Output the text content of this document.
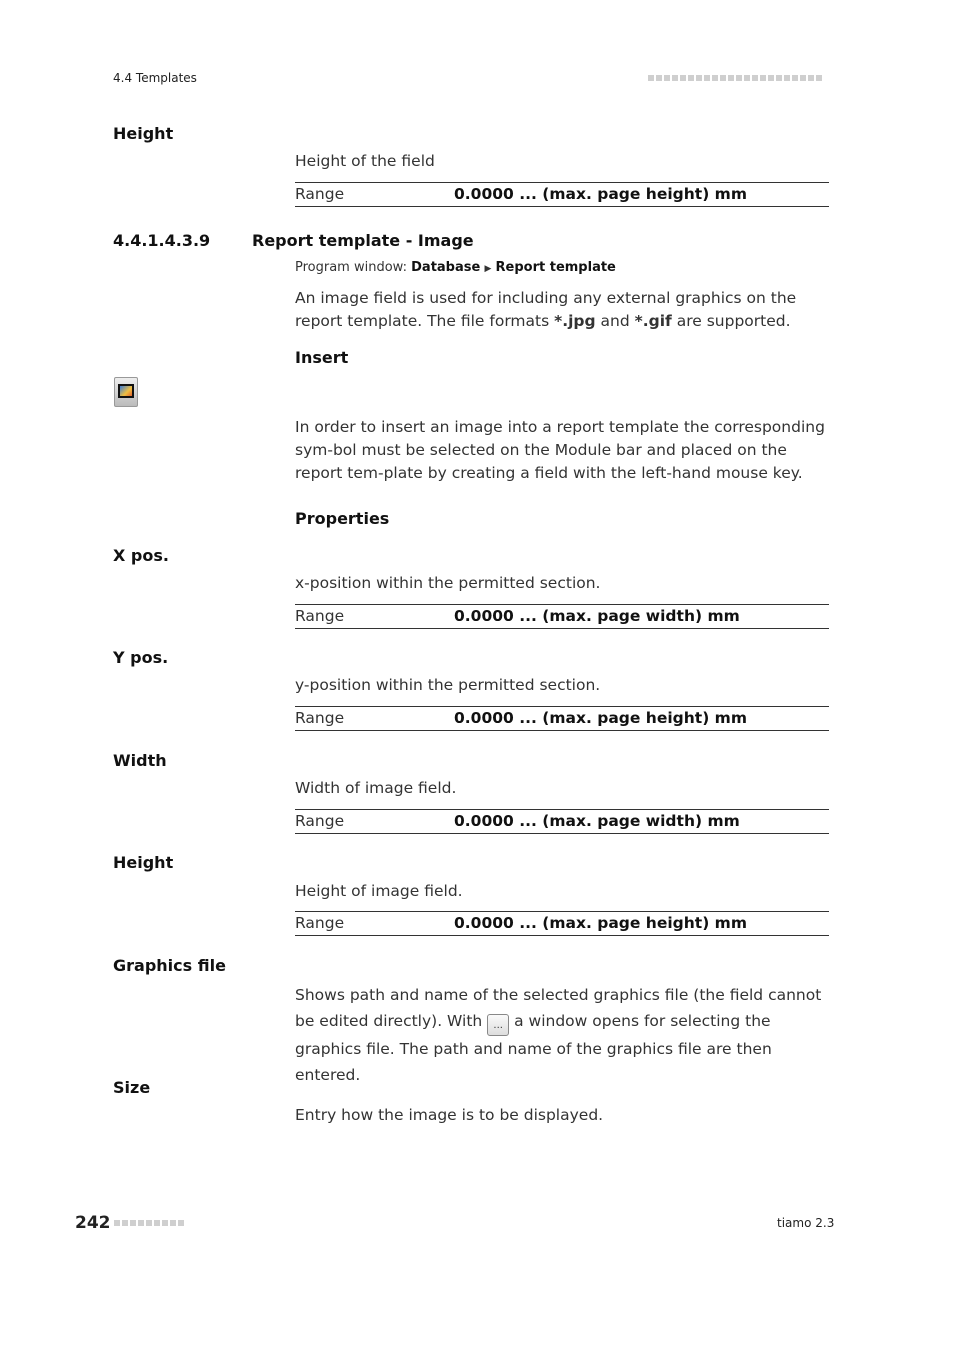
4.4 Templates
Height
Height of the field
Range	0.0000 ... (max. page height) mm
4.4.1.4.3.9	Report template - Image
Program window: Database ▶ Report template
An image field is used for including any external graphics on the report template. The file formats *.jpg and *.gif are supported.
Insert
In order to insert an image into a report template the corresponding sym-bol must be selected on the Module bar and placed on the report tem-plate by creating a field with the left-hand mouse key.
Properties
X pos.
x-position within the permitted section.
Range	0.0000 ... (max. page width) mm
Y pos.
y-position within the permitted section.
Range	0.0000 ... (max. page height) mm
Width
Width of image field.
Range	0.0000 ... (max. page width) mm
Height
Height of image field.
Range	0.0000 ... (max. page height) mm
Graphics file
Shows path and name of the selected graphics file (the field cannot be edited directly). With ... a window opens for selecting the graphics file. The path and name of the graphics file are then entered.
Size
Entry how the image is to be displayed.
242	tiamo 2.3
